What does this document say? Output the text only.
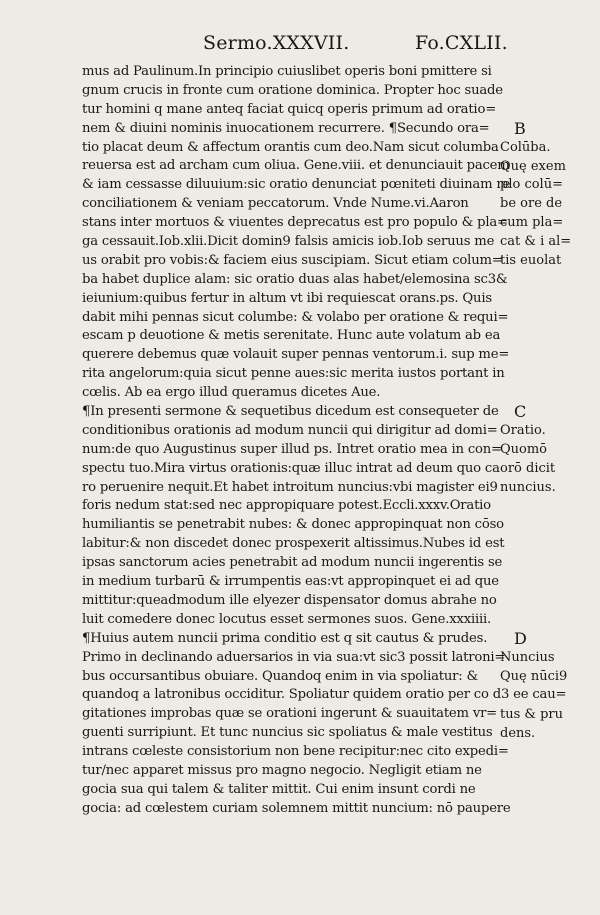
Sermo.XXXVII.	Fo.CXLII.
mus ad Paulinum.In principio cuiuslibet operis boni pmittere si
gnum crucis in fronte cum oratione dominica. Propter hoc suade
tur homini q mane anteq faciat quicq operis primum ad oratio=
nem & diuini nominis inuocationem recurrere. ¶Secundo ora=
tio placat deum & affectum orantis cum deo.Nam sicut columba
reuersa est ad archam cum oliua. Gene.viii. et denunciauit pacem
& iam cessasse diluuium:sic oratio denunciat pœniteti diuinam re
conciliationem & veniam peccatorum. Vnde Nume.vi.Aaron
stans inter mortuos & viuentes deprecatus est pro populo & pla=
ga cessauit.Iob.xlii.Dicit domin9 falsis amicis iob.Iob seruus me
us orabit pro vobis:& faciem eius suscipiam. Sicut etiam colum=
ba habet duplice alam: sic oratio duas alas habet/elemosina sc3&
ieiunium:quibus fertur in altum vt ibi requiescat orans.ps. Quis
dabit mihi pennas sicut columbe: & volabo per oratione & requi=
escam p deuotione & metis serenitate. Hunc aute volatum ab ea
querere debemus quæ volauit super pennas ventorum.i. sup me=
rita angelorum:quia sicut penne aues:sic merita iustos portant in
cœlis. Ab ea ergo illud queramus dicetes Aue.
¶In presenti sermone & sequetibus dicedum est consequeter de
conditionibus orationis ad modum nuncii qui dirigitur ad domi=
num:de quo Augustinus super illud ps. Intret oratio mea in con=
spectu tuo.Mira virtus orationis:quæ illuc intrat ad deum quo ca
ro peruenire nequit.Et habet introitum nuncius:vbi magister ei9
foris nedum stat:sed nec appropiquare potest.Eccli.xxxv.Oratio
humiliantis se penetrabit nubes: & donec appropinquat non cōso
labitur:& non discedet donec prospexerit altissimus.Nubes id est
ipsas sanctorum acies penetrabit ad modum nuncii ingerentis se
in medium turbarū & irrumpentis eas:vt appropinquet ei ad que
mittitur:queadmodum ille elyezer dispensator domus abrahe no
luit comedere donec locutus esset sermones suos. Gene.xxxiiii.
¶Huius autem nuncii prima conditio est q sit cautus & prudes.
Primo in declinando aduersarios in via sua:vt sic3 possit latroni=
bus occursantibus obuiare. Quandoq enim in via spoliatur: &
quandoq a latronibus occiditur. Spoliatur quidem oratio per co d3 ee cau=
gitationes improbas quæ se orationi ingerunt & suauitatem vr=
guenti surripiunt. Et tunc nuncius sic spoliatus & male vestitus
intrans cœleste consistorium non bene recipitur:nec cito expedi=
tur/nec apparet missus pro magno negocio. Negligit etiam ne
gocia sua qui talem & taliter mittit. Cui enim insunt cordi ne
gocia: ad cœlestem curiam solemnem mittit nuncium: nō paupere
B
Colūba.
Quę exem
plo colū=
be ore de
cum pla=
cat & i al=
tis euolat
C
Oratio.
Quomō
orō dicit
nuncius.
D
Nuncius
Quę nūci9
tus & pru
dens.
